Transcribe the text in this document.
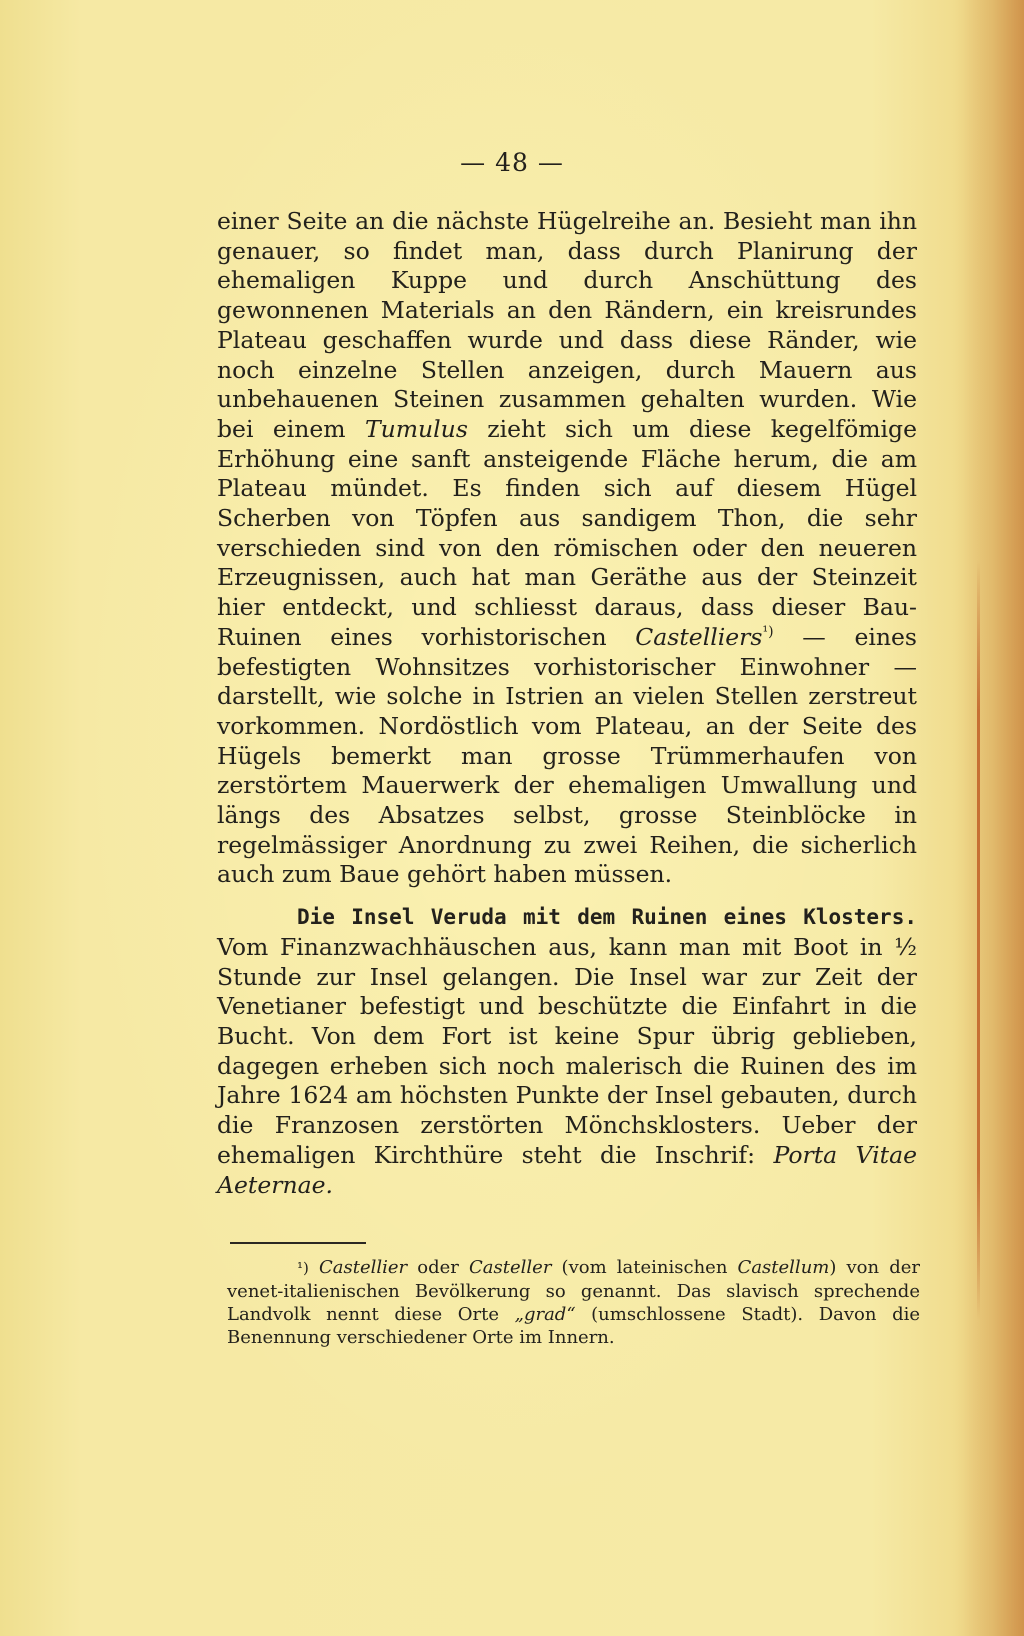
— 48 —

einer Seite an die nächste Hügelreihe an. Besieht man ihn genauer, so findet man, dass durch Planirung der ehemaligen Kuppe und durch Anschüttung des gewonnenen Materials an den Rändern, ein kreisrundes Plateau geschaffen wurde und dass diese Ränder, wie noch einzelne Stellen anzeigen, durch Mauern aus unbehauenen Steinen zusammen gehalten wurden. Wie bei einem Tumulus zieht sich um diese kegelfömige Erhöhung eine sanft ansteigende Fläche herum, die am Plateau mündet. Es finden sich auf diesem Hügel Scherben von Töpfen aus sandigem Thon, die sehr verschieden sind von den römischen oder den neueren Erzeugnissen, auch hat man Geräthe aus der Steinzeit hier entdeckt, und schliesst daraus, dass dieser Bau-Ruinen eines vorhistorischen Castelliers$^{^1)}$ — eines befestigten Wohnsitzes vorhistorischer Einwohner — darstellt, wie solche in Istrien an vielen Stellen zerstreut vorkommen. Nordöstlich vom Plateau, an der Seite des Hügels bemerkt man grosse Trümmerhaufen von zerstörtem Mauerwerk der ehemaligen Umwallung und längs des Absatzes selbst, grosse Steinblöcke in regelmässiger Anordnung zu zwei Reihen, die sicherlich auch zum Baue gehört haben müssen.

Die Insel Veruda mit dem Ruinen eines Klosters. Vom Finanzwachhäuschen aus, kann man mit Boot in ½ Stunde zur Insel gelangen. Die Insel war zur Zeit der Venetianer befestigt und beschützte die Einfahrt in die Bucht. Von dem Fort ist keine Spur übrig geblieben, dagegen erheben sich noch malerisch die Ruinen des im Jahre 1624 am höchsten Punkte der Insel gebauten, durch die Franzosen zerstörten Mönchsklosters. Ueber der ehemaligen Kirchthüre steht die Inschrif: Porta Vitae Aeternae.

¹) Castellier oder Casteller (vom lateinischen Castellum) von der venet-italienischen Bevölkerung so genannt. Das slavisch sprechende Landvolk nennt diese Orte „grad“ (umschlossene Stadt). Davon die Benennung verschiedener Orte im Innern.
